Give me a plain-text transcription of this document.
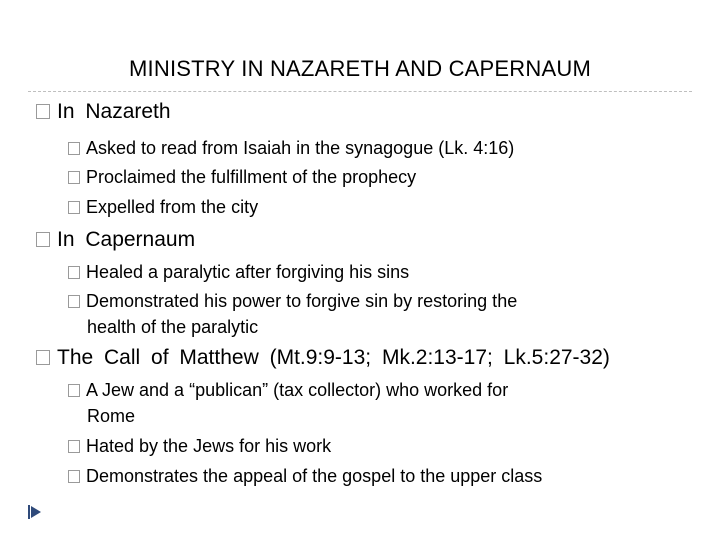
MINISTRY IN NAZARETH AND CAPERNAUM
In Nazareth
Asked to read from Isaiah in the synagogue (Lk. 4:16)
Proclaimed the fulfillment of the prophecy
Expelled from the city
In Capernaum
Healed a paralytic after forgiving his sins
Demonstrated his power to forgive sin by restoring the
health of the paralytic
The Call of Matthew (Mt.9:9-13; Mk.2:13-17; Lk.5:27-32)
A Jew and a “publican” (tax collector) who worked for
Rome
Hated by the Jews for his work
Demonstrates the appeal of the gospel to the upper class
